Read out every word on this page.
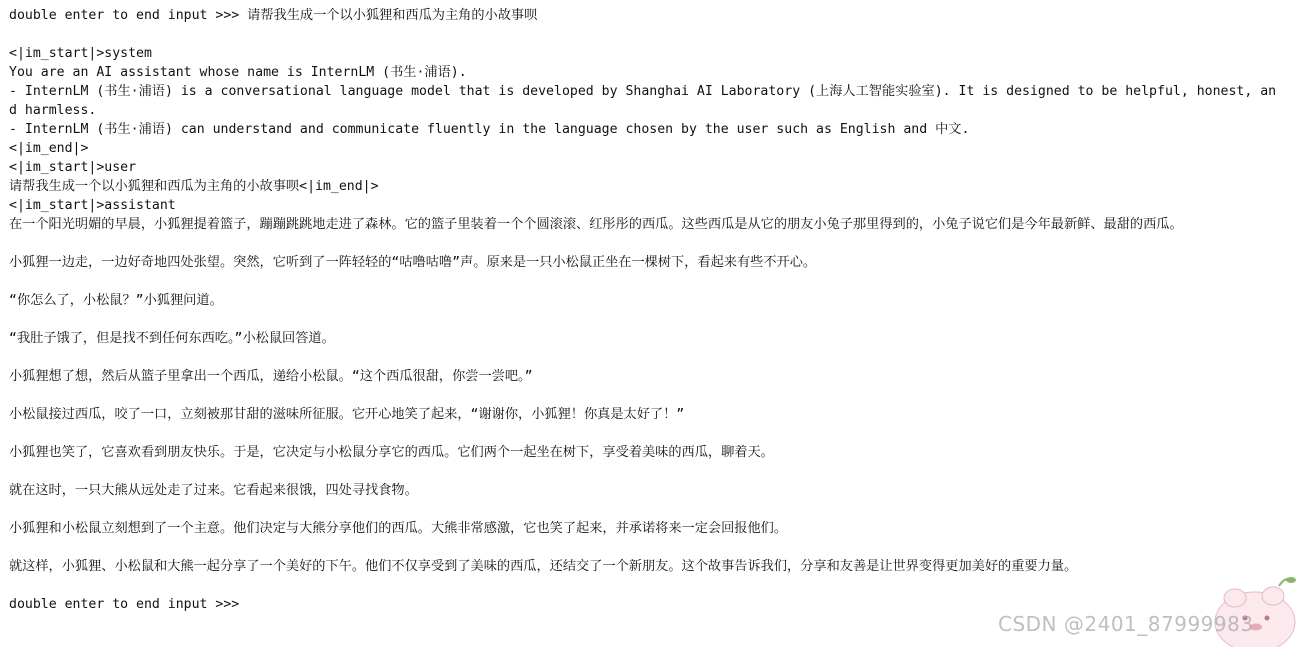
double enter to end input >>> 请帮我生成一个以小狐狸和西瓜为主角的小故事呗
<|im_start|>system
You are an AI assistant whose name is InternLM (书生·浦语).
- InternLM (书生·浦语) is a conversational language model that is developed by Shanghai AI Laboratory (上海人工智能实验室). It is designed to be helpful, honest, and harmless.
- InternLM (书生·浦语) can understand and communicate fluently in the language chosen by the user such as English and 中文.
<|im_end|>
<|im_start|>user
请帮我生成一个以小狐狸和西瓜为主角的小故事呗<|im_end|>
<|im_start|>assistant
在一个阳光明媚的早晨，小狐狸提着篮子，蹦蹦跳跳地走进了森林。它的篮子里装着一个个圆滚滚、红彤彤的西瓜。这些西瓜是从它的朋友小兔子那里得到的，小兔子说它们是今年最新鲜、最甜的西瓜。
小狐狸一边走，一边好奇地四处张望。突然，它听到了一阵轻轻的“咕噜咕噜”声。原来是一只小松鼠正坐在一棵树下，看起来有些不开心。
“你怎么了，小松鼠？”小狐狸问道。
“我肚子饿了，但是找不到任何东西吃。”小松鼠回答道。
小狐狸想了想，然后从篮子里拿出一个西瓜，递给小松鼠。“这个西瓜很甜，你尝一尝吧。”
小松鼠接过西瓜，咬了一口，立刻被那甘甜的滋味所征服。它开心地笑了起来，“谢谢你，小狐狸！你真是太好了！”
小狐狸也笑了，它喜欢看到朋友快乐。于是，它决定与小松鼠分享它的西瓜。它们两个一起坐在树下，享受着美味的西瓜，聊着天。
就在这时，一只大熊从远处走了过来。它看起来很饿，四处寻找食物。
小狐狸和小松鼠立刻想到了一个主意。他们决定与大熊分享他们的西瓜。大熊非常感激，它也笑了起来，并承诺将来一定会回报他们。
就这样，小狐狸、小松鼠和大熊一起分享了一个美好的下午。他们不仅享受到了美味的西瓜，还结交了一个新朋友。这个故事告诉我们，分享和友善是让世界变得更加美好的重要力量。
double enter to end input >>>
CSDN @2401_87999983
